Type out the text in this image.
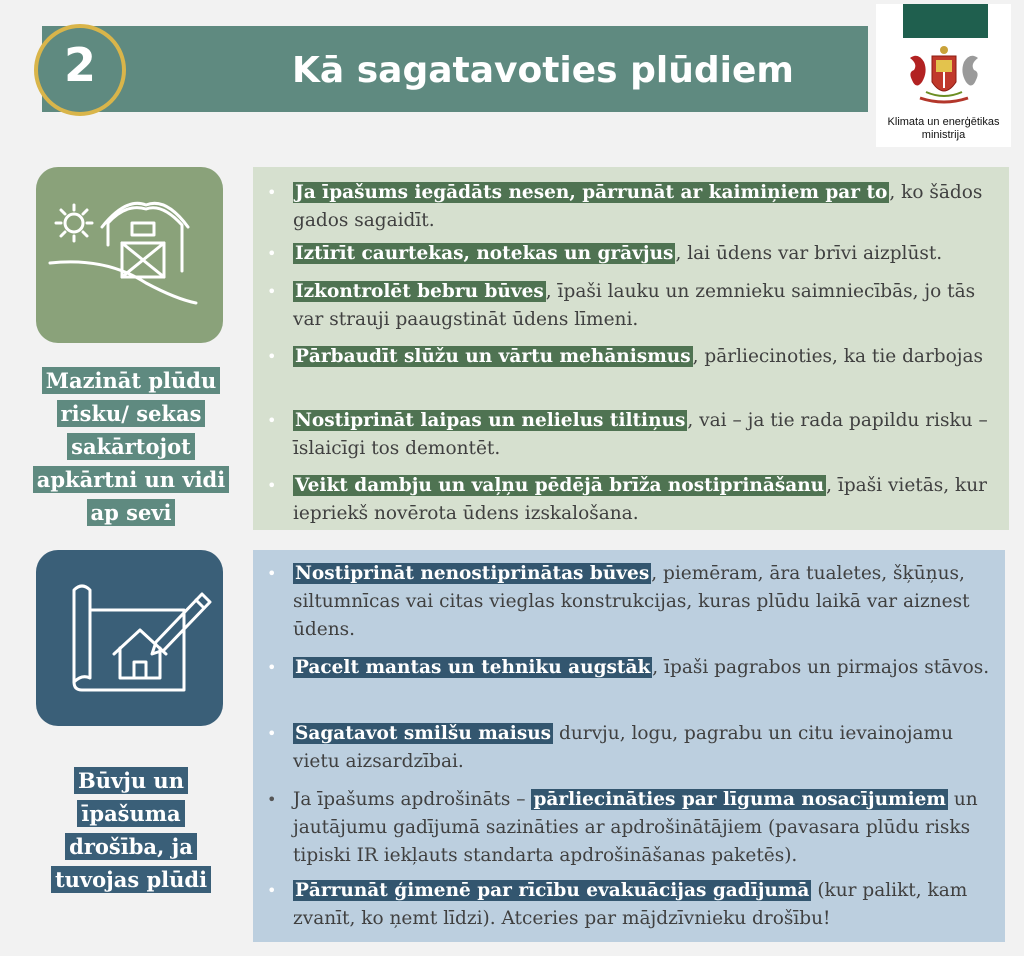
Kā sagatavoties plūdiem
2
Klimata un enerģētikas
ministrija
Mazināt plūdu
risku/ sekas
sakārtojot
apkārtni un vidi
ap sevi
• Ja īpašums iegādāts nesen, pārrunāt ar kaimiņiem par to , ko šādos gados sagaidīt.
• Iztīrīt caurtekas, notekas un grāvjus , lai ūdens var brīvi aizplūst.
• Izkontrolēt bebru būves , īpaši lauku un zemnieku saimniecībās, jo tās var strauji paaugstināt ūdens līmeni.
• Pārbaudīt slūžu un vārtu mehānismus , pārliecinoties, ka tie darbojas
• Nostiprināt laipas un nelielus tiltiņus , vai – ja tie rada papildu risku – īslaicīgi tos demontēt.
• Veikt dambju un vaļņu pēdējā brīža nostiprināšanu , īpaši vietās, kur iepriekš novērota ūdens izskalošana.
Būvju un
īpašuma
drošība, ja
tuvojas plūdi
• Nostiprināt nenostiprinātas būves , piemēram, āra tualetes, šķūņus, siltumnīcas vai citas vieglas konstrukcijas, kuras plūdu laikā var aiznest ūdens.
• Pacelt mantas un tehniku augstāk , īpaši pagrabos un pirmajos stāvos.
• Sagatavot smilšu maisus durvju, logu, pagrabu un citu ievainojamu vietu aizsardzībai.
• Ja īpašums apdrošināts – pārliecināties par līguma nosacījumiem un jautājumu gadījumā sazināties ar apdrošinātājiem (pavasara plūdu risks tipiski IR iekļauts standarta apdrošināšanas paketēs).
• Pārrunāt ģimenē par rīcību evakuācijas gadījumā (kur palikt, kam zvanīt, ko ņemt līdzi). Atceries par mājdzīvnieku drošību!
